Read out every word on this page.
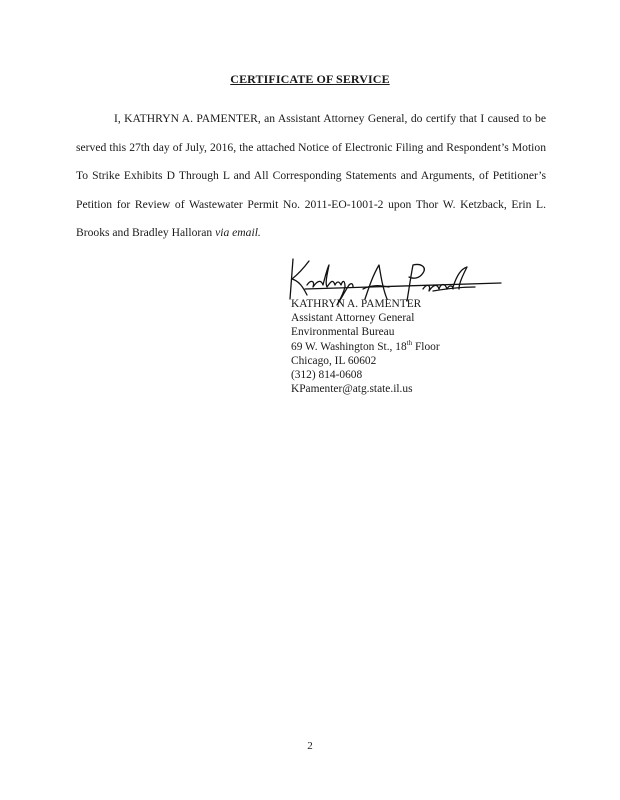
CERTIFICATE OF SERVICE

I, KATHRYN A. PAMENTER, an Assistant Attorney General, do certify that I caused to be served this 27th day of July, 2016, the attached Notice of Electronic Filing and Respondent’s Motion To Strike Exhibits D Through L and All Corresponding Statements and Arguments, of Petitioner’s Petition for Review of Wastewater Permit No. 2011-EO-1001-2 upon Thor W. Ketzback, Erin L. Brooks and Bradley Halloran via email.

KATHRYN A. PAMENTER
Assistant Attorney General
Environmental Bureau
69 W. Washington St., 18th Floor
Chicago, IL 60602
(312) 814-0608
KPamenter@atg.state.il.us
2
